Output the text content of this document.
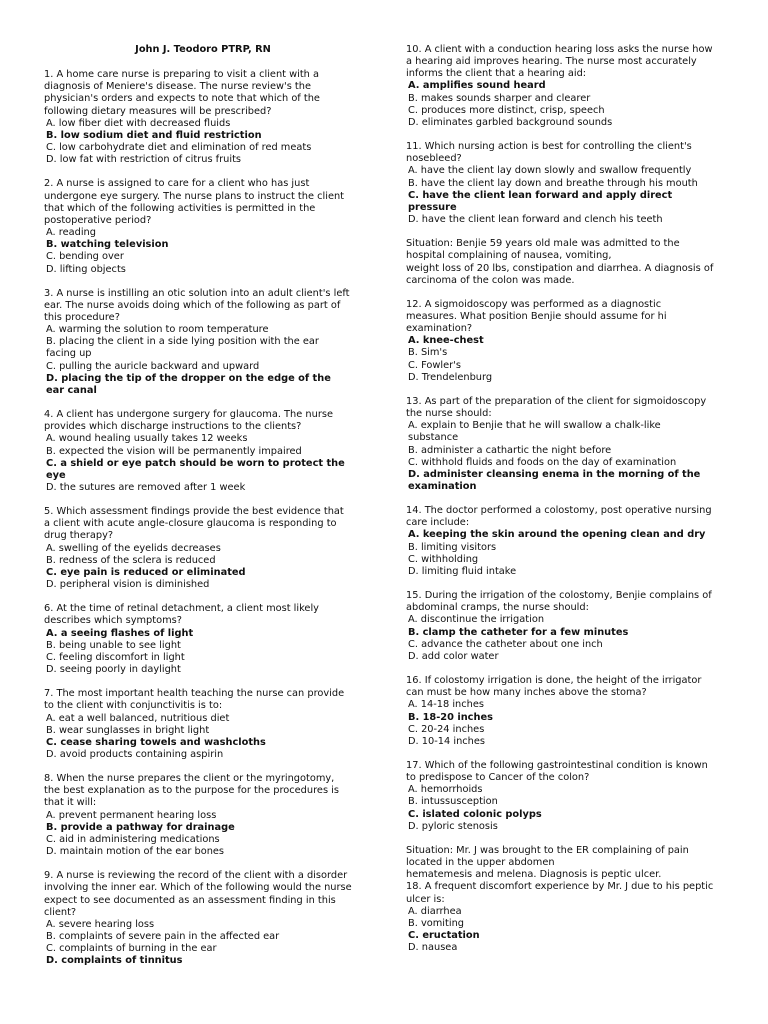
John J. Teodoro PTRP, RN
1. A home care nurse is preparing to visit a client with a
diagnosis of Meniere's disease. The nurse review's the
physician's orders and expects to note that which of the
following dietary measures will be prescribed?
A. low fiber diet with decreased fluids
B. low sodium diet and fluid restriction
C. low carbohydrate diet and elimination of red meats
D. low fat with restriction of citrus fruits
2. A nurse is assigned to care for a client who has just
undergone eye surgery. The nurse plans to instruct the client
that which of the following activities is permitted in the
postoperative period?
A. reading
B. watching television
C. bending over
D. lifting objects
3. A nurse is instilling an otic solution into an adult client's left
ear. The nurse avoids doing which of the following as part of
this procedure?
A. warming the solution to room temperature
B. placing the client in a side lying position with the ear
facing up
C. pulling the auricle backward and upward
D. placing the tip of the dropper on the edge of the
ear canal
4. A client has undergone surgery for glaucoma. The nurse
provides which discharge instructions to the clients?
A. wound healing usually takes 12 weeks
B. expected the vision will be permanently impaired
C. a shield or eye patch should be worn to protect the
eye
D. the sutures are removed after 1 week
5. Which assessment findings provide the best evidence that
a client with acute angle-closure glaucoma is responding to
drug therapy?
A. swelling of the eyelids decreases
B. redness of the sclera is reduced
C. eye pain is reduced or eliminated
D. peripheral vision is diminished
6. At the time of retinal detachment, a client most likely
describes which symptoms?
A. a seeing flashes of light
B. being unable to see light
C. feeling discomfort in light
D. seeing poorly in daylight
7. The most important health teaching the nurse can provide
to the client with conjunctivitis is to:
A. eat a well balanced, nutritious diet
B. wear sunglasses in bright light
C. cease sharing towels and washcloths
D. avoid products containing aspirin
8. When the nurse prepares the client or the myringotomy,
the best explanation as to the purpose for the procedures is
that it will:
A. prevent permanent hearing loss
B. provide a pathway for drainage
C. aid in administering medications
D. maintain motion of the ear bones
9. A nurse is reviewing the record of the client with a disorder
involving the inner ear. Which of the following would the nurse
expect to see documented as an assessment finding in this
client?
A. severe hearing loss
B. complaints of severe pain in the affected ear
C. complaints of burning in the ear
D. complaints of tinnitus
10. A client with a conduction hearing loss asks the nurse how
a hearing aid improves hearing. The nurse most accurately
informs the client that a hearing aid:
A. amplifies sound heard
B. makes sounds sharper and clearer
C. produces more distinct, crisp, speech
D. eliminates garbled background sounds
11. Which nursing action is best for controlling the client's
nosebleed?
A. have the client lay down slowly and swallow frequently
B. have the client lay down and breathe through his mouth
C. have the client lean forward and apply direct
pressure
D. have the client lean forward and clench his teeth
Situation: Benjie 59 years old male was admitted to the
hospital complaining of nausea, vomiting,
weight loss of 20 lbs, constipation and diarrhea. A diagnosis of
carcinoma of the colon was made.
12. A sigmoidoscopy was performed as a diagnostic
measures. What position Benjie should assume for hi
examination?
A. knee-chest
B. Sim's
C. Fowler's
D. Trendelenburg
13. As part of the preparation of the client for sigmoidoscopy
the nurse should:
A. explain to Benjie that he will swallow a chalk-like
substance
B. administer a cathartic the night before
C. withhold fluids and foods on the day of examination
D. administer cleansing enema in the morning of the
examination
14. The doctor performed a colostomy, post operative nursing
care include:
A. keeping the skin around the opening clean and dry
B. limiting visitors
C. withholding
D. limiting fluid intake
15. During the irrigation of the colostomy, Benjie complains of
abdominal cramps, the nurse should:
A. discontinue the irrigation
B. clamp the catheter for a few minutes
C. advance the catheter about one inch
D. add color water
16. If colostomy irrigation is done, the height of the irrigator
can must be how many inches above the stoma?
A. 14-18 inches
B. 18-20 inches
C. 20-24 inches
D. 10-14 inches
17. Which of the following gastrointestinal condition is known
to predispose to Cancer of the colon?
A. hemorrhoids
B. intussusception
C. islated colonic polyps
D. pyloric stenosis
Situation: Mr. J was brought to the ER complaining of pain
located in the upper abdomen
hematemesis and melena. Diagnosis is peptic ulcer.
18. A frequent discomfort experience by Mr. J due to his peptic
ulcer is:
A. diarrhea
B. vomiting
C. eructation
D. nausea
